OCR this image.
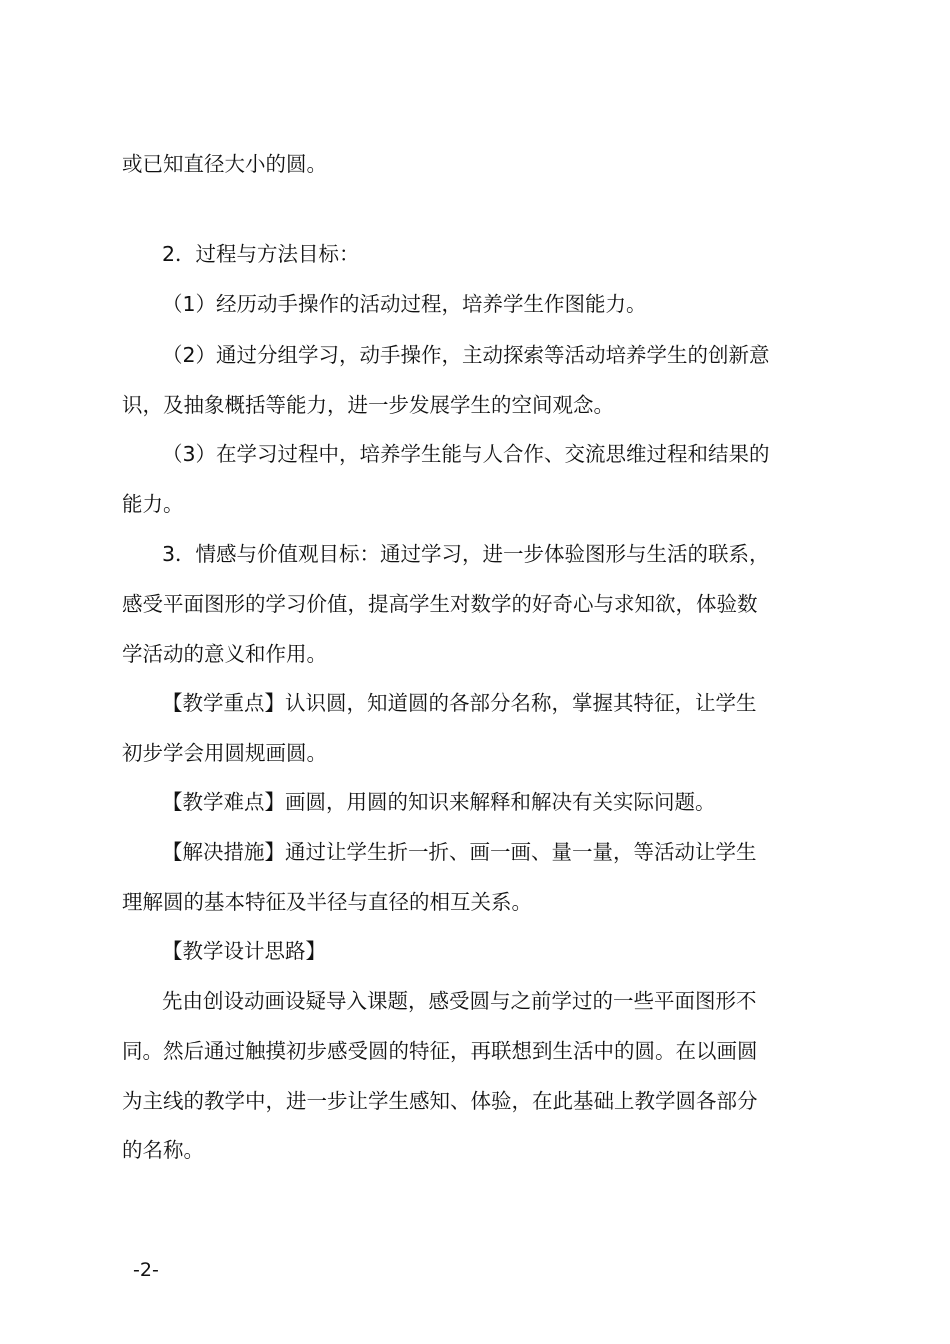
或已知直径大小的圆。

2．过程与方法目标：

（1）经历动手操作的活动过程，培养学生作图能力。

（2）通过分组学习，动手操作，主动探索等活动培养学生的创新意

识，及抽象概括等能力，进一步发展学生的空间观念。

（3）在学习过程中，培养学生能与人合作、交流思维过程和结果的

能力。

3．情感与价值观目标：通过学习，进一步体验图形与生活的联系，

感受平面图形的学习价值，提高学生对数学的好奇心与求知欲，体验数

学活动的意义和作用。

【教学重点】认识圆，知道圆的各部分名称，掌握其特征，让学生

初步学会用圆规画圆。

【教学难点】画圆，用圆的知识来解释和解决有关实际问题。

【解决措施】通过让学生折一折、画一画、量一量，等活动让学生

理解圆的基本特征及半径与直径的相互关系。

【教学设计思路】

先由创设动画设疑导入课题，感受圆与之前学过的一些平面图形不

同。然后通过触摸初步感受圆的特征，再联想到生活中的圆。在以画圆

为主线的教学中，进一步让学生感知、体验，在此基础上教学圆各部分

的名称。

-2-
